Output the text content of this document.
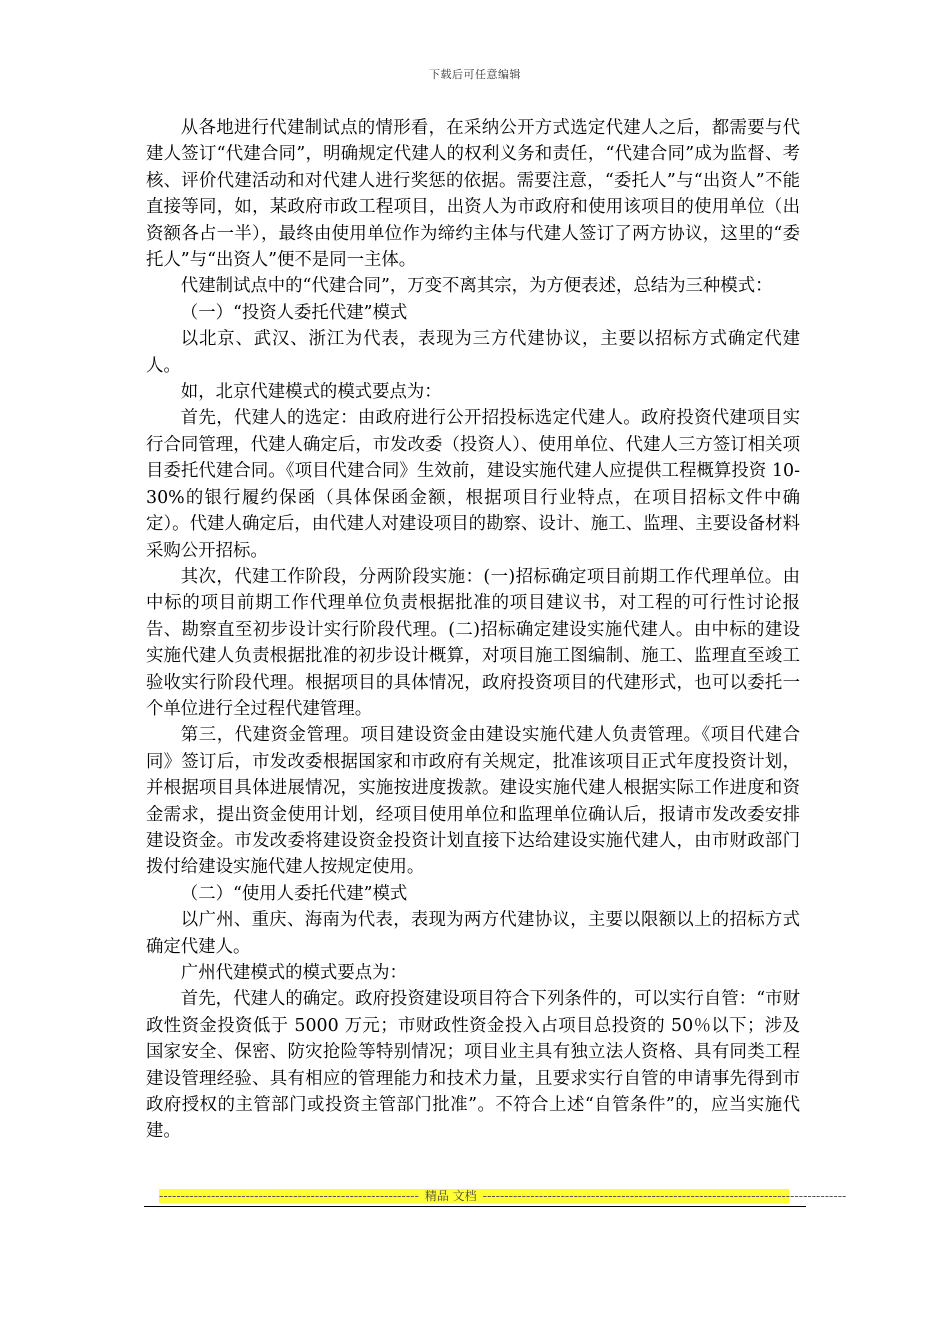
下载后可任意编辑

从各地进行代建制试点的情形看，在采纳公开方式选定代建人之后，都需要与代建人签订“代建合同”，明确规定代建人的权利义务和责任，“代建合同”成为监督、考核、评价代建活动和对代建人进行奖惩的依据。需要注意，“委托人”与“出资人”不能直接等同，如，某政府市政工程项目，出资人为市政府和使用该项目的使用单位（出资额各占一半），最终由使用单位作为缔约主体与代建人签订了两方协议，这里的“委托人”与“出资人”便不是同一主体。

代建制试点中的“代建合同”，万变不离其宗，为方便表述，总结为三种模式：

（一）“投资人委托代建”模式

以北京、武汉、浙江为代表，表现为三方代建协议，主要以招标方式确定代建人。

如，北京代建模式的模式要点为：

首先，代建人的选定：由政府进行公开招投标选定代建人。政府投资代建项目实行合同管理，代建人确定后，市发改委（投资人）、使用单位、代建人三方签订相关项目委托代建合同。《项目代建合同》生效前，建设实施代建人应提供工程概算投资 10-30%的银行履约保函（具体保函金额，根据项目行业特点，在项目招标文件中确定）。代建人确定后，由代建人对建设项目的勘察、设计、施工、监理、主要设备材料采购公开招标。

其次，代建工作阶段，分两阶段实施：(一)招标确定项目前期工作代理单位。由中标的项目前期工作代理单位负责根据批准的项目建议书，对工程的可行性讨论报告、勘察直至初步设计实行阶段代理。(二)招标确定建设实施代建人。由中标的建设实施代建人负责根据批准的初步设计概算，对项目施工图编制、施工、监理直至竣工验收实行阶段代理。根据项目的具体情况，政府投资项目的代建形式，也可以委托一个单位进行全过程代建管理。

第三，代建资金管理。项目建设资金由建设实施代建人负责管理。《项目代建合同》签订后，市发改委根据国家和市政府有关规定，批准该项目正式年度投资计划，并根据项目具体进展情况，实施按进度拨款。建设实施代建人根据实际工作进度和资金需求，提出资金使用计划，经项目使用单位和监理单位确认后，报请市发改委安排建设资金。市发改委将建设资金投资计划直接下达给建设实施代建人，由市财政部门拨付给建设实施代建人按规定使用。

（二）“使用人委托代建”模式

以广州、重庆、海南为代表，表现为两方代建协议，主要以限额以上的招标方式确定代建人。

广州代建模式的模式要点为：

首先，代建人的确定。政府投资建设项目符合下列条件的，可以实行自管：“市财政性资金投资低于 5000 万元；市财政性资金投入占项目总投资的 50％以下；涉及国家安全、保密、防灾抢险等特别情况；项目业主具有独立法人资格、具有同类工程建设管理经验、具有相应的管理能力和技术力量，且要求实行自管的申请事先得到市政府授权的主管部门或投资主管部门批准”。不符合上述“自管条件”的，应当实施代建。

------------------------------------------------------------ 精品 文档 ------------------------------------------------------------------------------------
